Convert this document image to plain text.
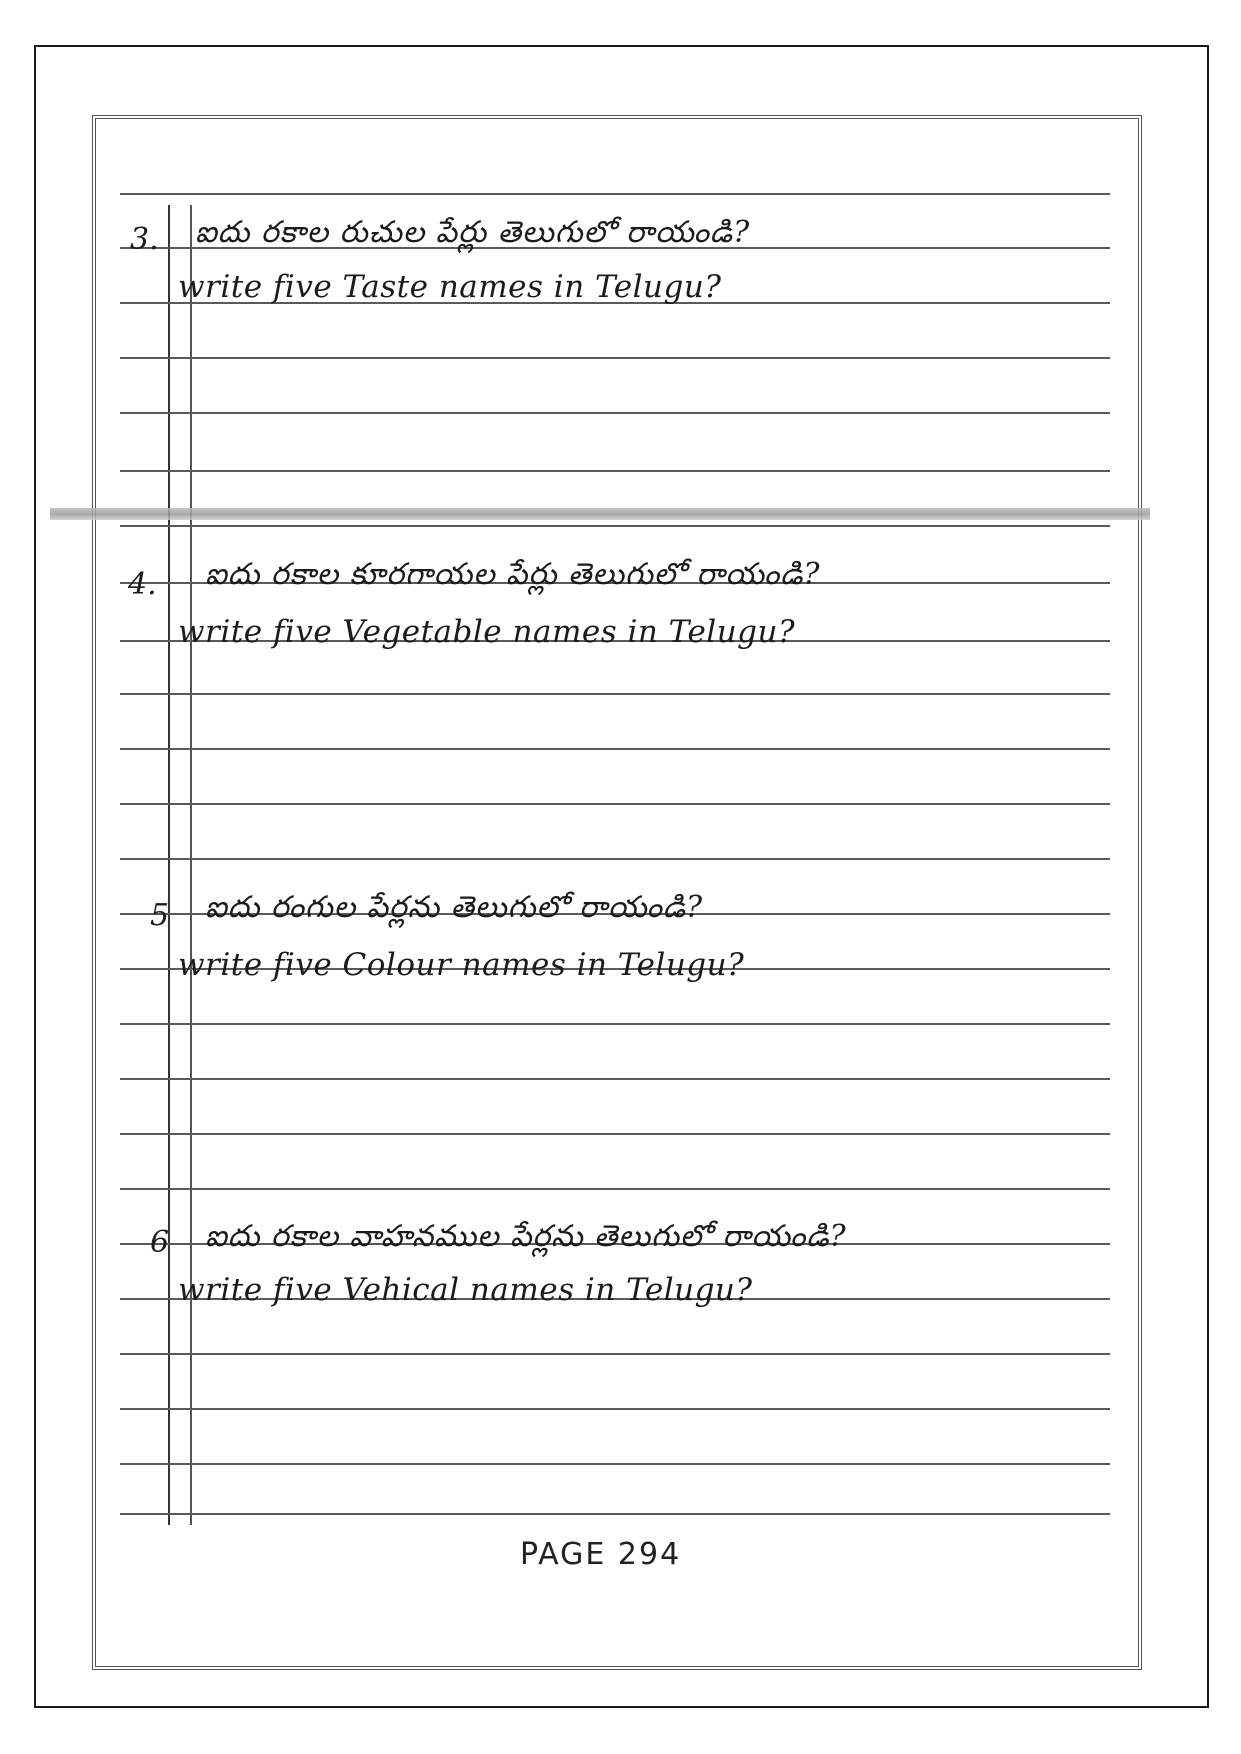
3. ఐదు రకాల రుచుల పేర్లు తెలుగులో రాయండి?
write five Taste names in Telugu?
4. ఐదు రకాల కూరగాయల పేర్లు తెలుగులో రాయండి?
write five Vegetable names in Telugu?
5 ఐదు రంగుల పేర్లను తెలుగులో రాయండి?
write five Colour names in Telugu?
6 ఐదు రకాల వాహనముల పేర్లను తెలుగులో రాయండి?
write five Vehical names in Telugu?
PAGE 294
